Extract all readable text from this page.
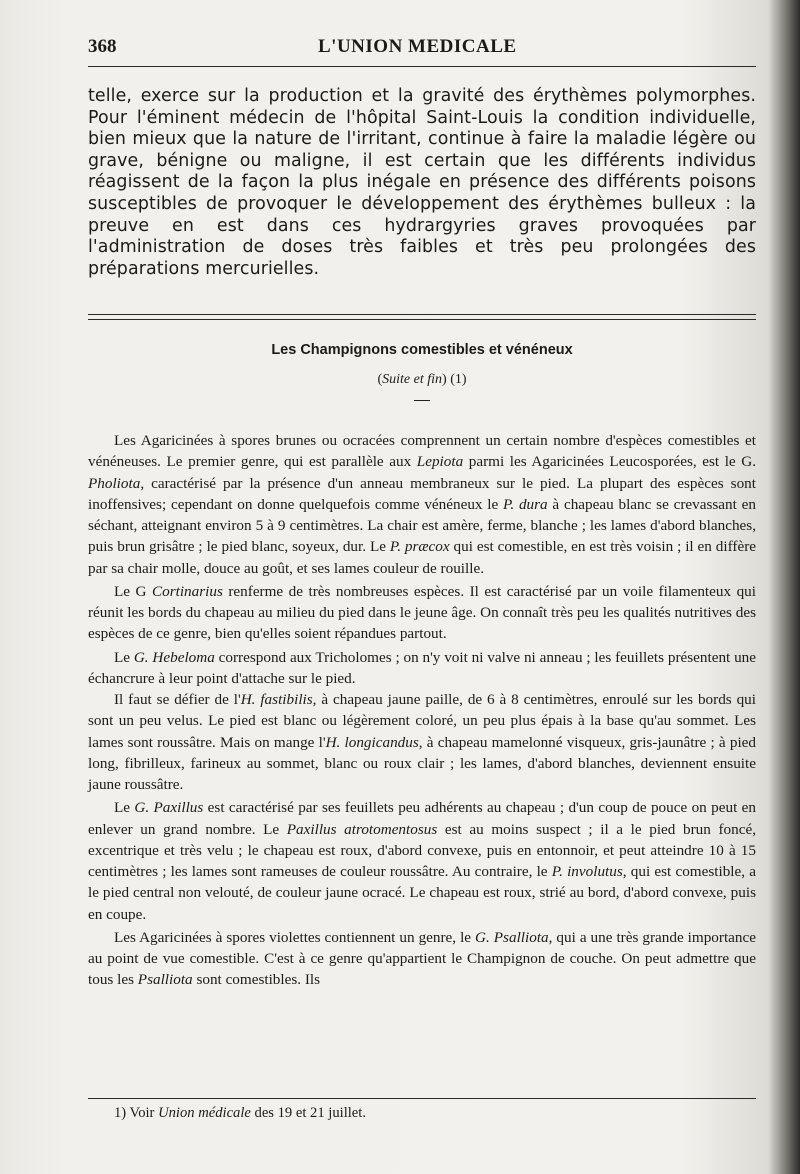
368	L'UNION MEDICALE
telle, exerce sur la production et la gravité des érythèmes polymorphes. Pour l'éminent médecin de l'hôpital Saint-Louis la condition individuelle, bien mieux que la nature de l'irritant, continue à faire la maladie légère ou grave, bénigne ou maligne, il est certain que les différents individus réagissent de la façon la plus inégale en présence des différents poisons susceptibles de provoquer le développement des érythèmes bulleux : la preuve en est dans ces hydrargyries graves provoquées par l'administration de doses très faibles et très peu prolongées des préparations mercurielles.
Les Champignons comestibles et vénéneux
(Suite et fin) (1)

Les Agaricinées à spores brunes ou ocracées comprennent un certain nombre d'espèces comestibles et vénéneuses. Le premier genre, qui est parallèle aux Lepiota parmi les Agaricinées Leucosporées, est le G. Pholiota, caractérisé par la présence d'un anneau membraneux sur le pied. La plupart des espèces sont inoffensives; cependant on donne quelquefois comme vénéneux le P. dura à chapeau blanc se crevassant en séchant, atteignant environ 5 à 9 centimètres. La chair est amère, ferme, blanche ; les lames d'abord blanches, puis brun grisâtre ; le pied blanc, soyeux, dur. Le P. præcox qui est comestible, en est très voisin ; il en diffère par sa chair molle, douce au goût, et ses lames couleur de rouille.

Le G Cortinarius renferme de très nombreuses espèces. Il est caractérisé par un voile filamenteux qui réunit les bords du chapeau au milieu du pied dans le jeune âge. On connaît très peu les qualités nutritives des espèces de ce genre, bien qu'elles soient répandues partout.

Le G. Hebeloma correspond aux Tricholomes ; on n'y voit ni valve ni anneau ; les feuillets présentent une échancrure à leur point d'attache sur le pied.

Il faut se défier de l'H. fastibilis, à chapeau jaune paille, de 6 à 8 centimètres, enroulé sur les bords qui sont un peu velus. Le pied est blanc ou légèrement coloré, un peu plus épais à la base qu'au sommet. Les lames sont roussâtre. Mais on mange l'H. longicandus, à chapeau mamelonné visqueux, gris-jaunâtre ; à pied long, fibrilleux, farineux au sommet, blanc ou roux clair ; les lames, d'abord blanches, deviennent ensuite jaune roussâtre.

Le G. Paxillus est caractérisé par ses feuillets peu adhérents au chapeau ; d'un coup de pouce on peut en enlever un grand nombre. Le Paxillus atrotomentosus est au moins suspect ; il a le pied brun foncé, excentrique et très velu ; le chapeau est roux, d'abord convexe, puis en entonnoir, et peut atteindre 10 à 15 centimètres ; les lames sont rameuses de couleur roussâtre. Au contraire, le P. involutus, qui est comestible, a le pied central non velouté, de couleur jaune ocracé. Le chapeau est roux, strié au bord, d'abord convexe, puis en coupe.

Les Agaricinées à spores violettes contiennent un genre, le G. Psalliota, qui a une très grande importance au point de vue comestible. C'est à ce genre qu'appartient le Champignon de couche. On peut admettre que tous les Psalliota sont comestibles. Ils

1) Voir Union médicale des 19 et 21 juillet.
